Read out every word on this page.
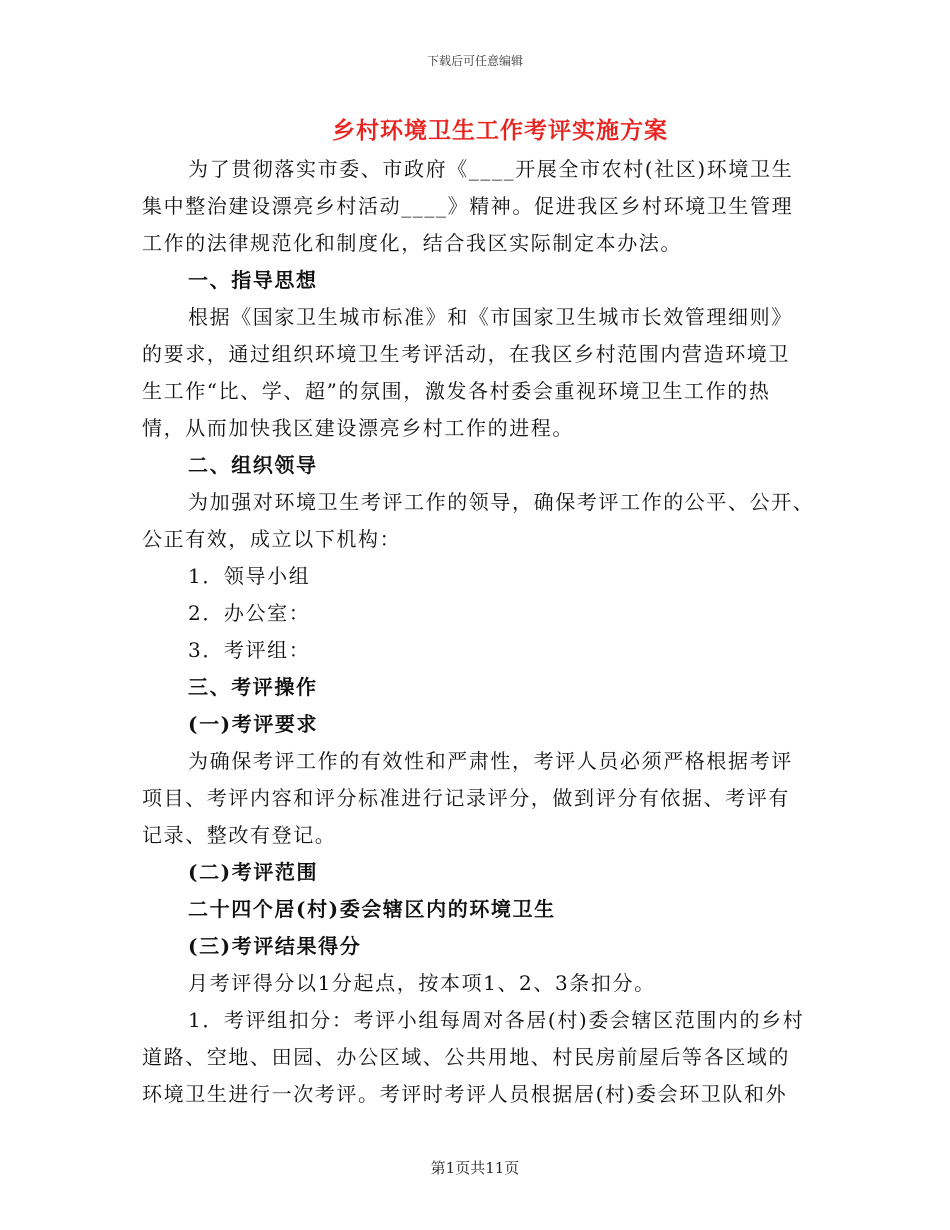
下载后可任意编辑
乡村环境卫生工作考评实施方案
为了贯彻落实市委、市政府《____开展全市农村(社区)环境卫生
集中整治建设漂亮乡村活动____》精神。促进我区乡村环境卫生管理
工作的法律规范化和制度化，结合我区实际制定本办法。
一、指导思想
根据《国家卫生城市标准》和《市国家卫生城市长效管理细则》
的要求，通过组织环境卫生考评活动，在我区乡村范围内营造环境卫
生工作“比、学、超”的氛围，激发各村委会重视环境卫生工作的热
情，从而加快我区建设漂亮乡村工作的进程。
二、组织领导
为加强对环境卫生考评工作的领导，确保考评工作的公平、公开、
公正有效，成立以下机构：
1．领导小组
2．办公室：
3．考评组：
三、考评操作
(一)考评要求
为确保考评工作的有效性和严肃性，考评人员必须严格根据考评
项目、考评内容和评分标准进行记录评分，做到评分有依据、考评有
记录、整改有登记。
(二)考评范围
二十四个居(村)委会辖区内的环境卫生
(三)考评结果得分
月考评得分以1分起点，按本项1、2、3条扣分。
1．考评组扣分：考评小组每周对各居(村)委会辖区范围内的乡村
道路、空地、田园、办公区域、公共用地、村民房前屋后等各区域的
环境卫生进行一次考评。考评时考评人员根据居(村)委会环卫队和外
第1页共11页
